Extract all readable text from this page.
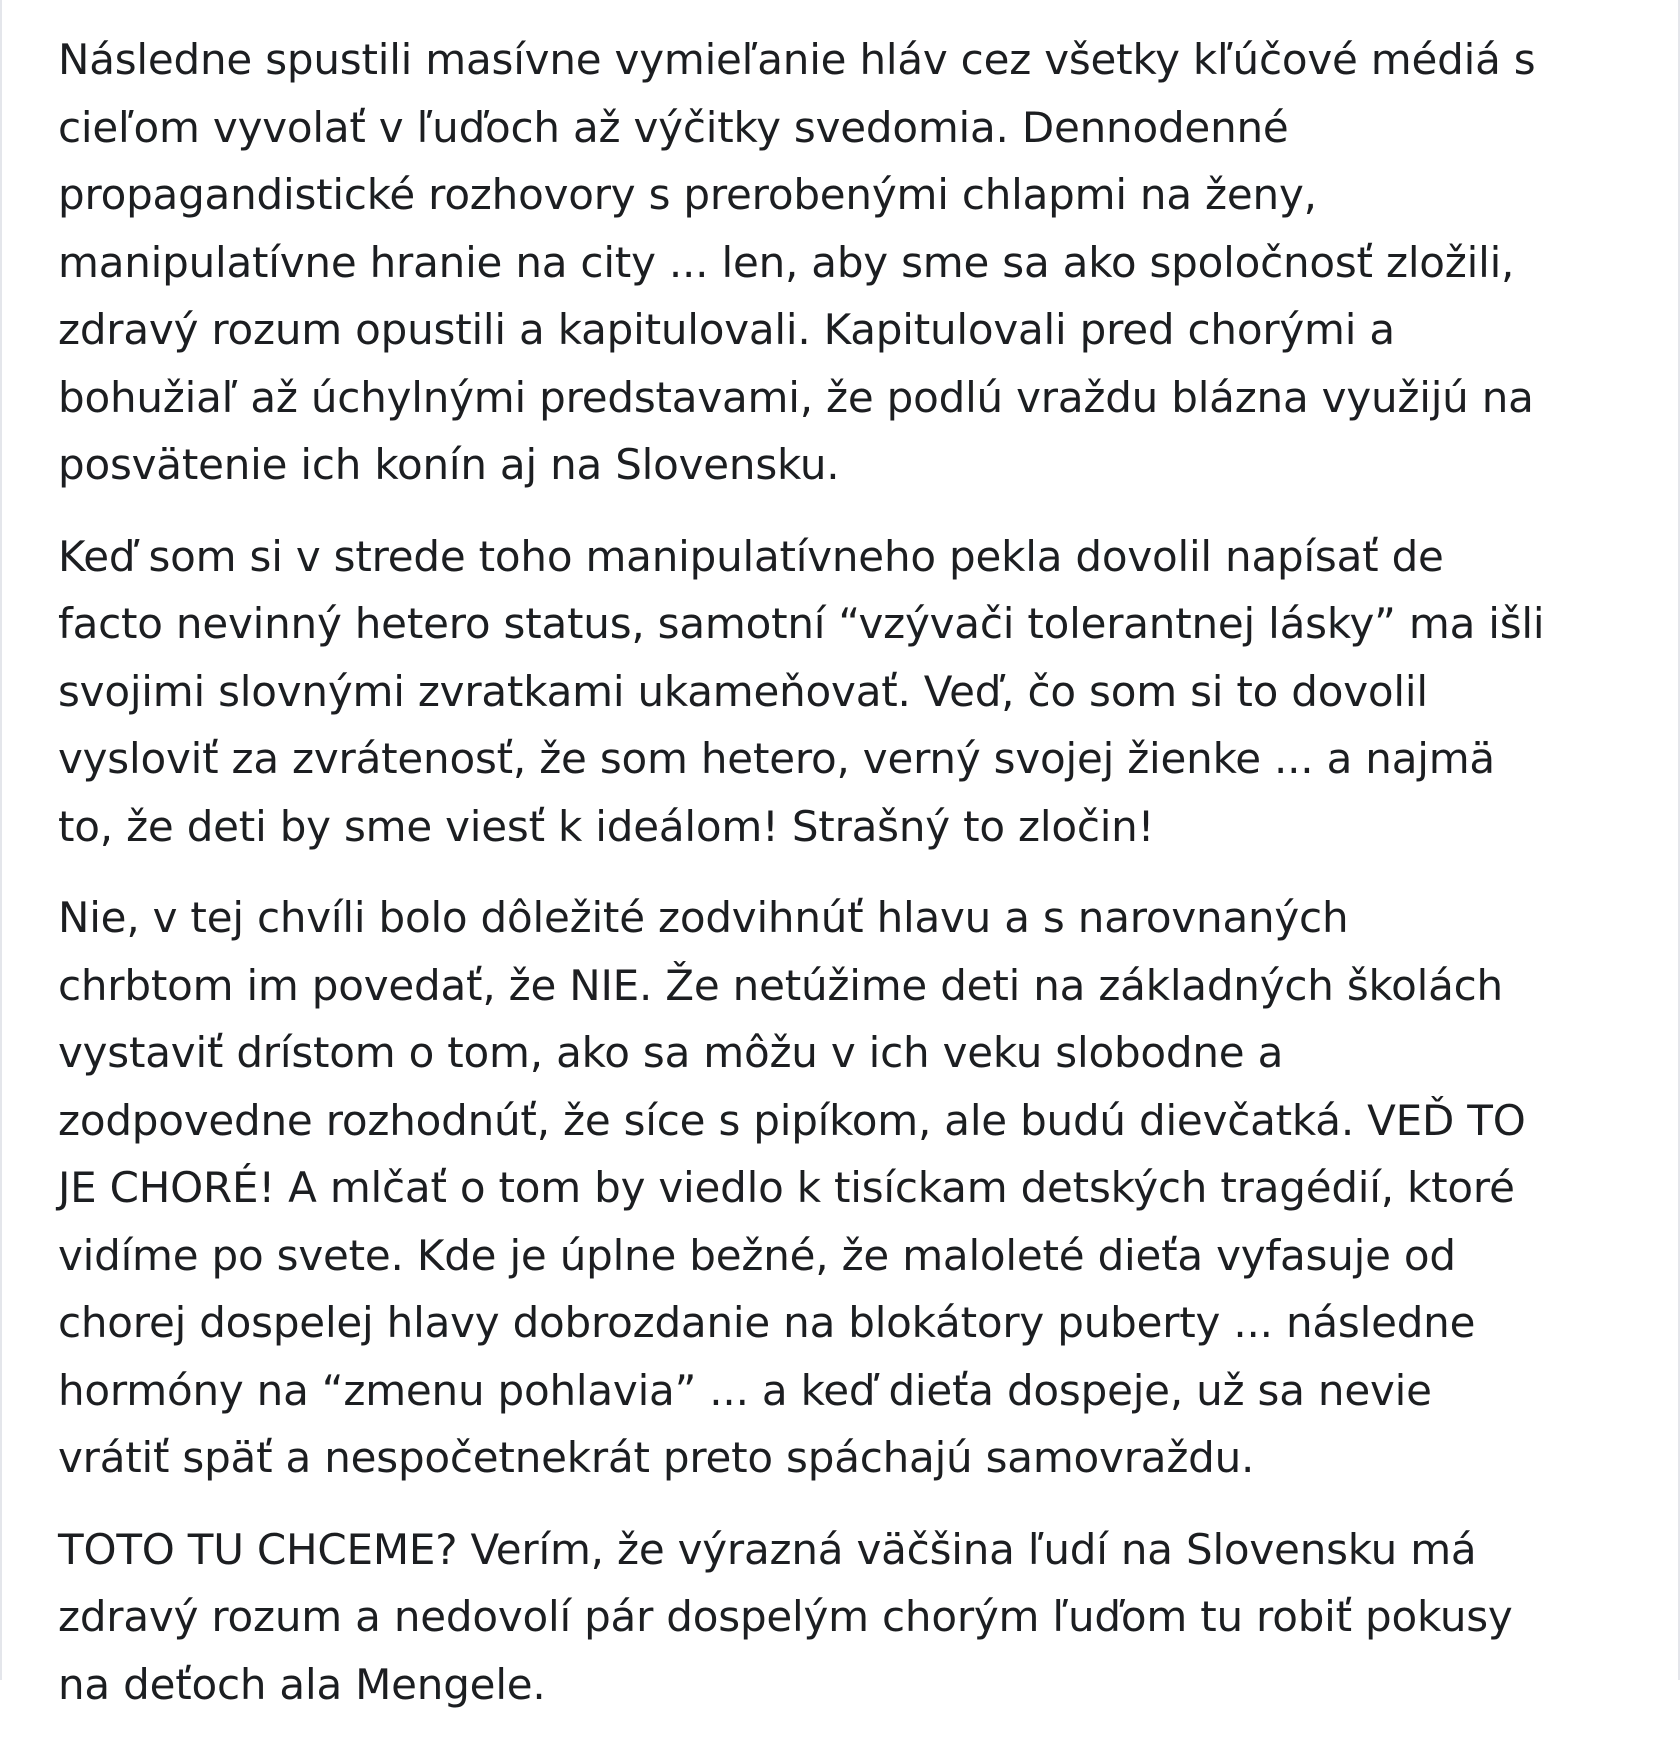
Následne spustili masívne vymieľanie hláv cez všetky kľúčové médiá s
cieľom vyvolať v ľuďoch až výčitky svedomia. Dennodenné
propagandistické rozhovory s prerobenými chlapmi na ženy,
manipulatívne hranie na city ... len, aby sme sa ako spoločnosť zložili,
zdravý rozum opustili a kapitulovali. Kapitulovali pred chorými a
bohužiaľ až úchylnými predstavami, že podlú vraždu blázna využijú na
posvätenie ich konín aj na Slovensku.

Keď som si v strede toho manipulatívneho pekla dovolil napísať de
facto nevinný hetero status, samotní “vzývači tolerantnej lásky” ma išli
svojimi slovnými zvratkami ukameňovať. Veď, čo som si to dovolil
vysloviť za zvrátenosť, že som hetero, verný svojej žienke ... a najmä
to, že deti by sme viesť k ideálom! Strašný to zločin!

Nie, v tej chvíli bolo dôležité zodvihnúť hlavu a s narovnaných
chrbtom im povedať, že NIE. Že netúžime deti na základných školách
vystaviť drístom o tom, ako sa môžu v ich veku slobodne a
zodpovedne rozhodnúť, že síce s pipíkom, ale budú dievčatká. VEĎ TO
JE CHORÉ! A mlčať o tom by viedlo k tisíckam detských tragédií, ktoré
vidíme po svete. Kde je úplne bežné, že maloleté dieťa vyfasuje od
chorej dospelej hlavy dobrozdanie na blokátory puberty ... následne
hormóny na “zmenu pohlavia” ... a keď dieťa dospeje, už sa nevie
vrátiť späť a nespočetnekrát preto spáchajú samovraždu.

TOTO TU CHCEME? Verím, že výrazná väčšina ľudí na Slovensku má
zdravý rozum a nedovolí pár dospelým chorým ľuďom tu robiť pokusy
na deťoch ala Mengele.
